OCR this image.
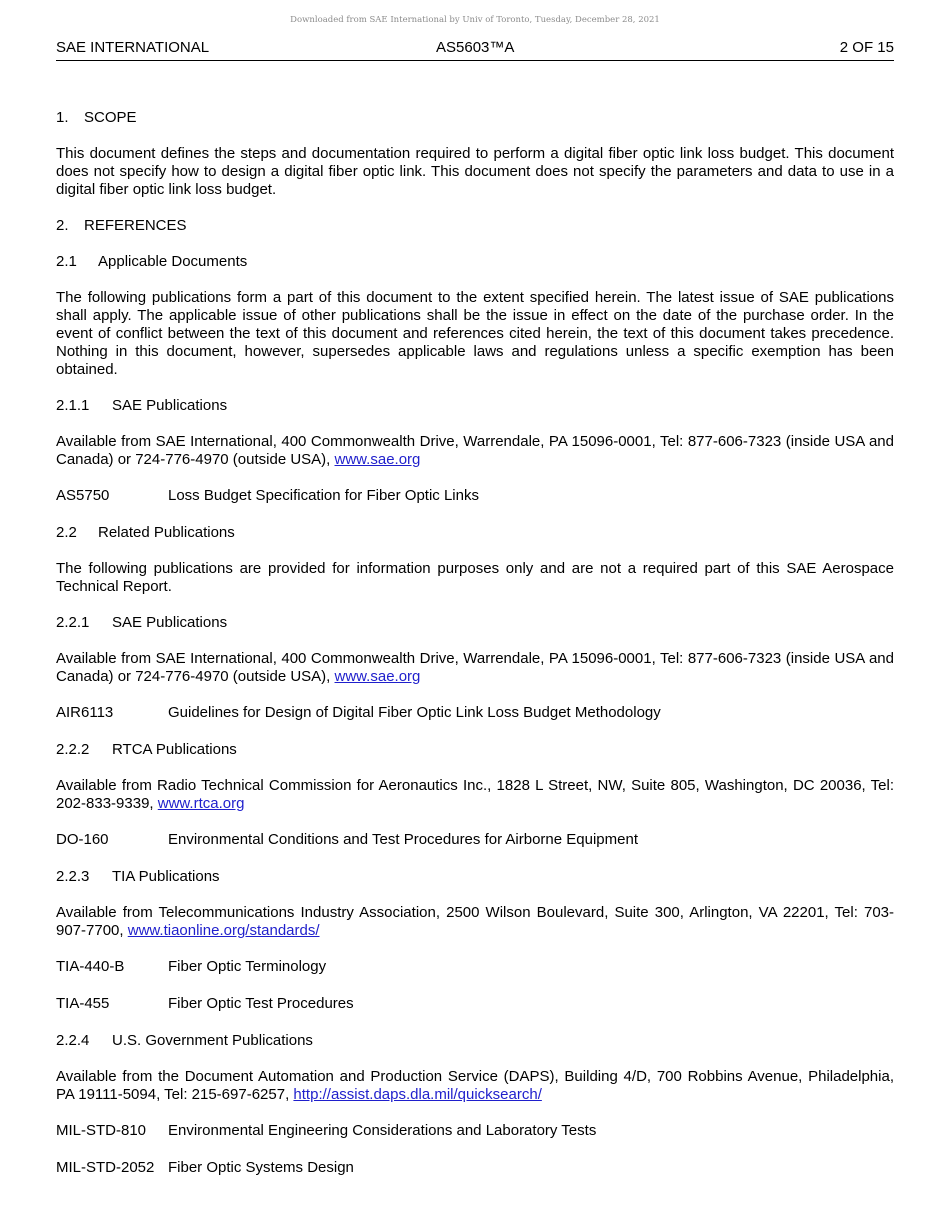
Downloaded from SAE International by Univ of Toronto, Tuesday, December 28, 2021
SAE INTERNATIONAL	AS5603™A	2 OF 15
1. SCOPE
This document defines the steps and documentation required to perform a digital fiber optic link loss budget. This document does not specify how to design a digital fiber optic link. This document does not specify the parameters and data to use in a digital fiber optic link loss budget.
2. REFERENCES
2.1 Applicable Documents
The following publications form a part of this document to the extent specified herein. The latest issue of SAE publications shall apply. The applicable issue of other publications shall be the issue in effect on the date of the purchase order. In the event of conflict between the text of this document and references cited herein, the text of this document takes precedence. Nothing in this document, however, supersedes applicable laws and regulations unless a specific exemption has been obtained.
2.1.1 SAE Publications
Available from SAE International, 400 Commonwealth Drive, Warrendale, PA 15096-0001, Tel: 877-606-7323 (inside USA and Canada) or 724-776-4970 (outside USA), www.sae.org
AS5750	Loss Budget Specification for Fiber Optic Links
2.2 Related Publications
The following publications are provided for information purposes only and are not a required part of this SAE Aerospace Technical Report.
2.2.1 SAE Publications
Available from SAE International, 400 Commonwealth Drive, Warrendale, PA 15096-0001, Tel: 877-606-7323 (inside USA and Canada) or 724-776-4970 (outside USA), www.sae.org
AIR6113	Guidelines for Design of Digital Fiber Optic Link Loss Budget Methodology
2.2.2 RTCA Publications
Available from Radio Technical Commission for Aeronautics Inc., 1828 L Street, NW, Suite 805, Washington, DC 20036, Tel: 202-833-9339, www.rtca.org
DO-160	Environmental Conditions and Test Procedures for Airborne Equipment
2.2.3 TIA Publications
Available from Telecommunications Industry Association, 2500 Wilson Boulevard, Suite 300, Arlington, VA 22201, Tel: 703-907-7700, www.tiaonline.org/standards/
TIA-440-B	Fiber Optic Terminology
TIA-455	Fiber Optic Test Procedures
2.2.4 U.S. Government Publications
Available from the Document Automation and Production Service (DAPS), Building 4/D, 700 Robbins Avenue, Philadelphia, PA 19111-5094, Tel: 215-697-6257, http://assist.daps.dla.mil/quicksearch/
MIL-STD-810 Environmental Engineering Considerations and Laboratory Tests
MIL-STD-2052 Fiber Optic Systems Design
